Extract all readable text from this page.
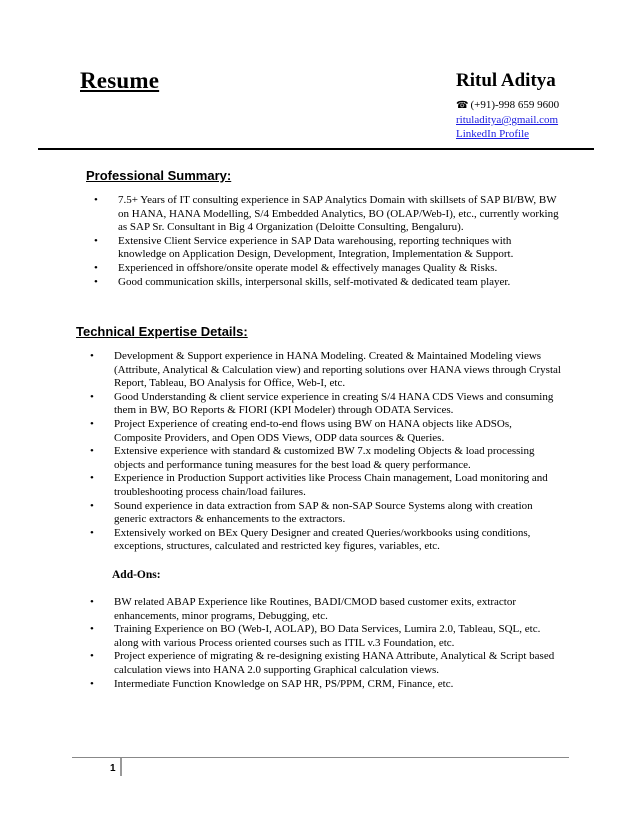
Resume	Ritul Aditya
☎ (+91)-998 659 9600
rituladitya@gmail.com
LinkedIn Profile
Professional Summary:
• 7.5+ Years of IT consulting experience in SAP Analytics Domain with skillsets of SAP BI/BW, BW on HANA, HANA Modelling, S/4 Embedded Analytics, BO (OLAP/Web-I), etc., currently working as SAP Sr. Consultant in Big 4 Organization (Deloitte Consulting, Bengaluru).
• Extensive Client Service experience in SAP Data warehousing, reporting techniques with knowledge on Application Design, Development, Integration, Implementation & Support.
• Experienced in offshore/onsite operate model & effectively manages Quality & Risks.
• Good communication skills, interpersonal skills, self-motivated & dedicated team player.
Technical Expertise Details:
• Development & Support experience in HANA Modeling. Created & Maintained Modeling views (Attribute, Analytical & Calculation view) and reporting solutions over HANA views through Crystal Report, Tableau, BO Analysis for Office, Web-I, etc.
• Good Understanding & client service experience in creating S/4 HANA CDS Views and consuming them in BW, BO Reports & FIORI (KPI Modeler) through ODATA Services.
• Project Experience of creating end-to-end flows using BW on HANA objects like ADSOs, Composite Providers, and Open ODS Views, ODP data sources & Queries.
• Extensive experience with standard & customized BW 7.x modeling Objects & load processing objects and performance tuning measures for the best load & query performance.
• Experience in Production Support activities like Process Chain management, Load monitoring and troubleshooting process chain/load failures.
• Sound experience in data extraction from SAP & non-SAP Source Systems along with creation generic extractors & enhancements to the extractors.
• Extensively worked on BEx Query Designer and created Queries/workbooks using conditions, exceptions, structures, calculated and restricted key figures, variables, etc.
Add-Ons:
• BW related ABAP Experience like Routines, BADI/CMOD based customer exits, extractor enhancements, minor programs, Debugging, etc.
• Training Experience on BO (Web-I, AOLAP), BO Data Services, Lumira 2.0, Tableau, SQL, etc. along with various Process oriented courses such as ITIL v.3 Foundation, etc.
• Project experience of migrating & re-designing existing HANA Attribute, Analytical & Script based calculation views into HANA 2.0 supporting Graphical calculation views.
• Intermediate Function Knowledge on SAP HR, PS/PPM, CRM, Finance, etc.
1
